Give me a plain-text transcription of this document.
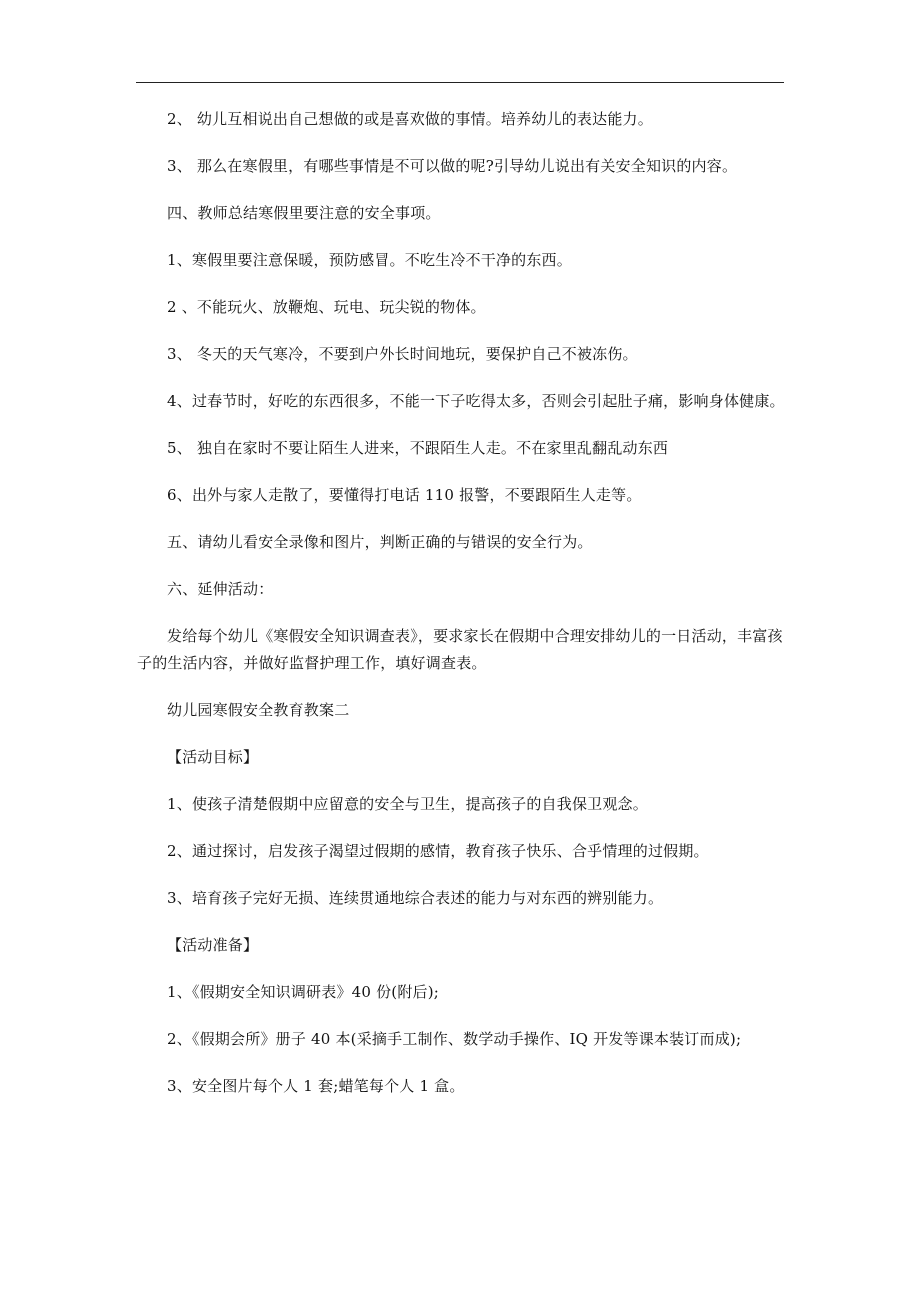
2、 幼儿互相说出自己想做的或是喜欢做的事情。培养幼儿的表达能力。

3、 那么在寒假里，有哪些事情是不可以做的呢?引导幼儿说出有关安全知识的内容。

四、教师总结寒假里要注意的安全事项。

1、寒假里要注意保暖，预防感冒。不吃生冷不干净的东西。

2 、不能玩火、放鞭炮、玩电、玩尖锐的物体。

3、 冬天的天气寒冷，不要到户外长时间地玩，要保护自己不被冻伤。

4、过春节时，好吃的东西很多，不能一下子吃得太多，否则会引起肚子痛，影响身体健康。

5、 独自在家时不要让陌生人进来，不跟陌生人走。不在家里乱翻乱动东西

6、出外与家人走散了，要懂得打电话 110 报警，不要跟陌生人走等。

五、请幼儿看安全录像和图片，判断正确的与错误的安全行为。

六、延伸活动：

发给每个幼儿《寒假安全知识调查表》，要求家长在假期中合理安排幼儿的一日活动，丰富孩子的生活内容，并做好监督护理工作，填好调查表。

幼儿园寒假安全教育教案二

【活动目标】

1、使孩子清楚假期中应留意的安全与卫生，提高孩子的自我保卫观念。

2、通过探讨，启发孩子渴望过假期的感情，教育孩子快乐、合乎情理的过假期。

3、培育孩子完好无损、连续贯通地综合表述的能力与对东西的辨别能力。

【活动准备】

1、《假期安全知识调研表》40 份(附后);

2、《假期会所》册子 40 本(采摘手工制作、数学动手操作、IQ 开发等课本装订而成);

3、安全图片每个人 1 套;蜡笔每个人 1 盒。
